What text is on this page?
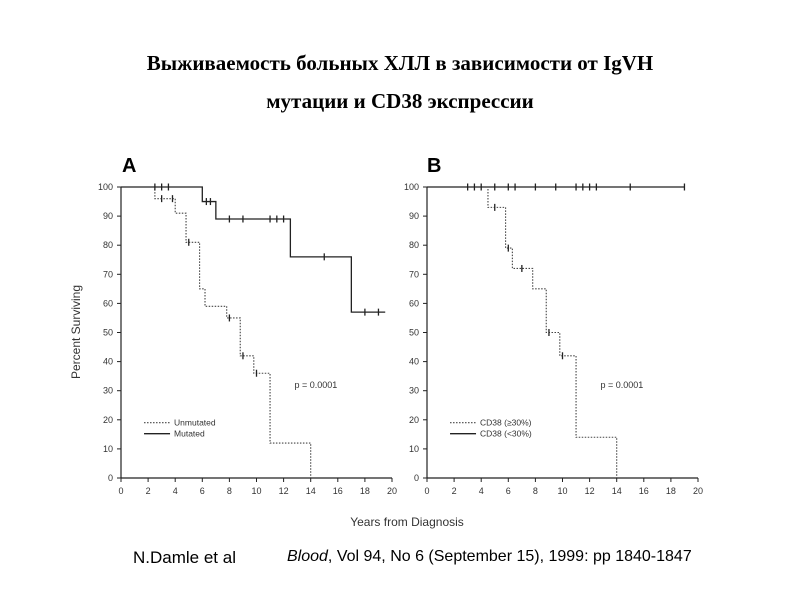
Выживаемость больных ХЛЛ в зависимости от IgVH
мутации и CD38 экспрессии
A
0
10
20
30
40
50
60
70
80
90
100
0 2 4 6 8 10 12 14 16 18 20
p = 0.0001
Unmutated
Mutated
Years from Diagnosis
Percent Surviving
B
0
10
20
30
40
50
60
70
80
90
100
0 2 4 6 8 10 12 14 16 18 20
p = 0.0001
CD38 (≥30%)
CD38 (<30%)
N.Damle et al	Blood, Vol 94, No 6 (September 15), 1999: pp 1840-1847
